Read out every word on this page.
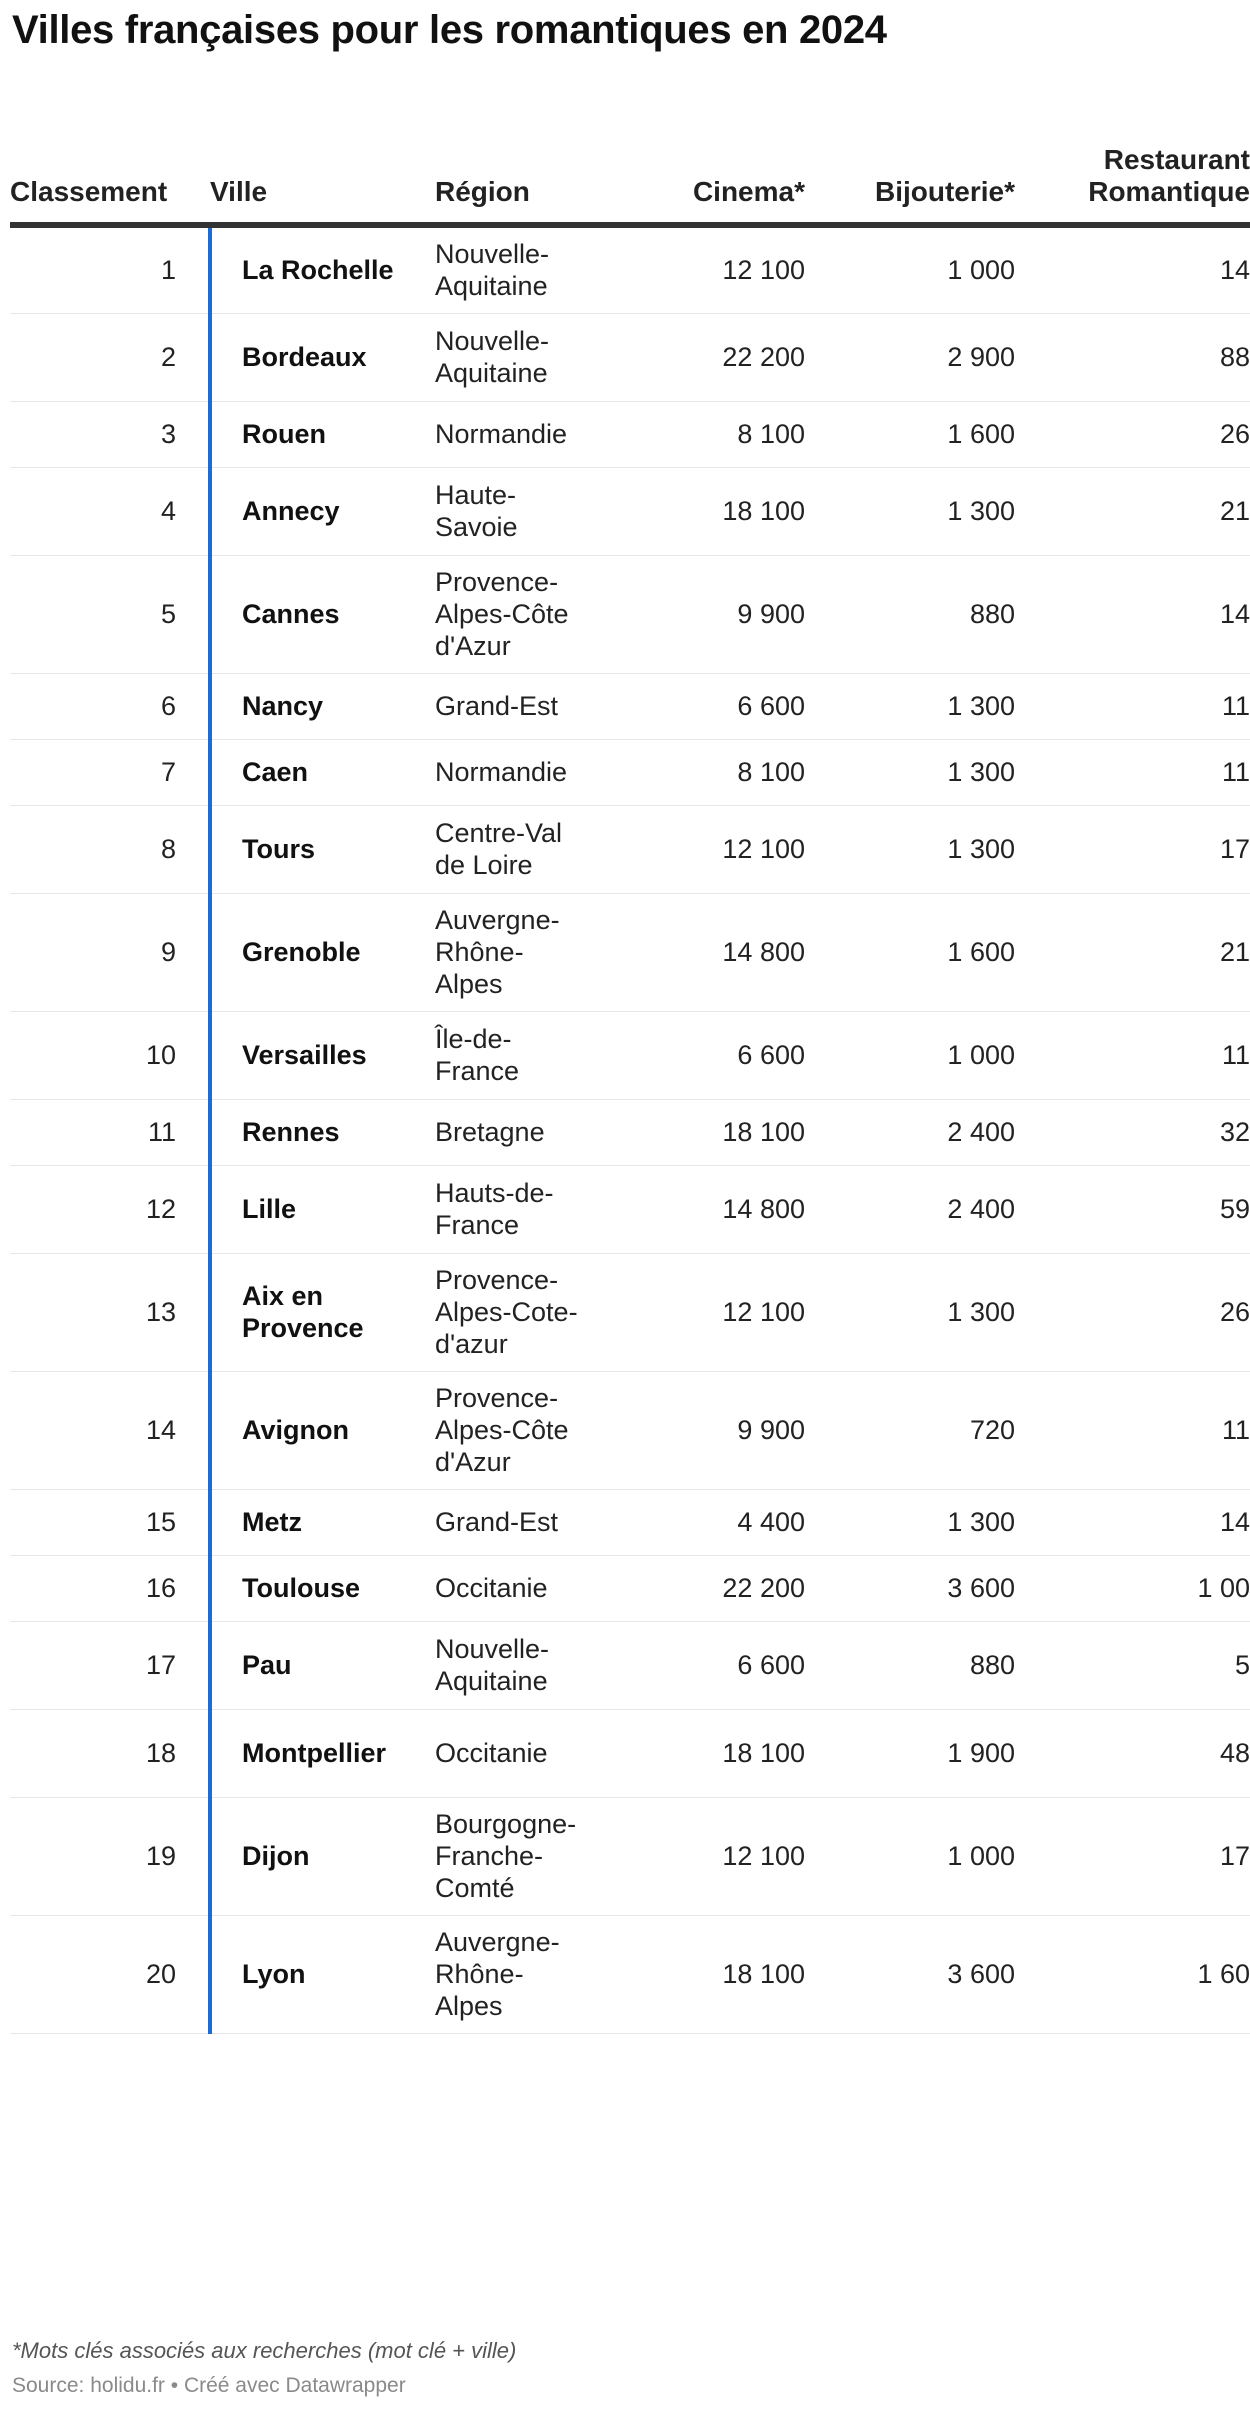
Villes françaises pour les romantiques en 2024
Classement	Ville	Région	Cinema*	Bijouterie*	Restaurant Romantique
1	La Rochelle	Nouvelle-Aquitaine	12 100	1 000	14
2	Bordeaux	Nouvelle-Aquitaine	22 200	2 900	88
3	Rouen	Normandie	8 100	1 600	26
4	Annecy	Haute-Savoie	18 100	1 300	21
5	Cannes	Provence-Alpes-Côte d'Azur	9 900	880	14
6	Nancy	Grand-Est	6 600	1 300	11
7	Caen	Normandie	8 100	1 300	11
8	Tours	Centre-Val de Loire	12 100	1 300	17
9	Grenoble	Auvergne-Rhône-Alpes	14 800	1 600	21
10	Versailles	Île-de-France	6 600	1 000	11
11	Rennes	Bretagne	18 100	2 400	32
12	Lille	Hauts-de-France	14 800	2 400	59
13	Aix en Provence	Provence-Alpes-Cote-d'azur	12 100	1 300	26
14	Avignon	Provence-Alpes-Côte d'Azur	9 900	720	11
15	Metz	Grand-Est	4 400	1 300	14
16	Toulouse	Occitanie	22 200	3 600	1 00
17	Pau	Nouvelle-Aquitaine	6 600	880	5
18	Montpellier	Occitanie	18 100	1 900	48
19	Dijon	Bourgogne-Franche-Comté	12 100	1 000	17
20	Lyon	Auvergne-Rhône-Alpes	18 100	3 600	1 60
*Mots clés associés aux recherches (mot clé + ville)
Source: holidu.fr • Créé avec Datawrapper
